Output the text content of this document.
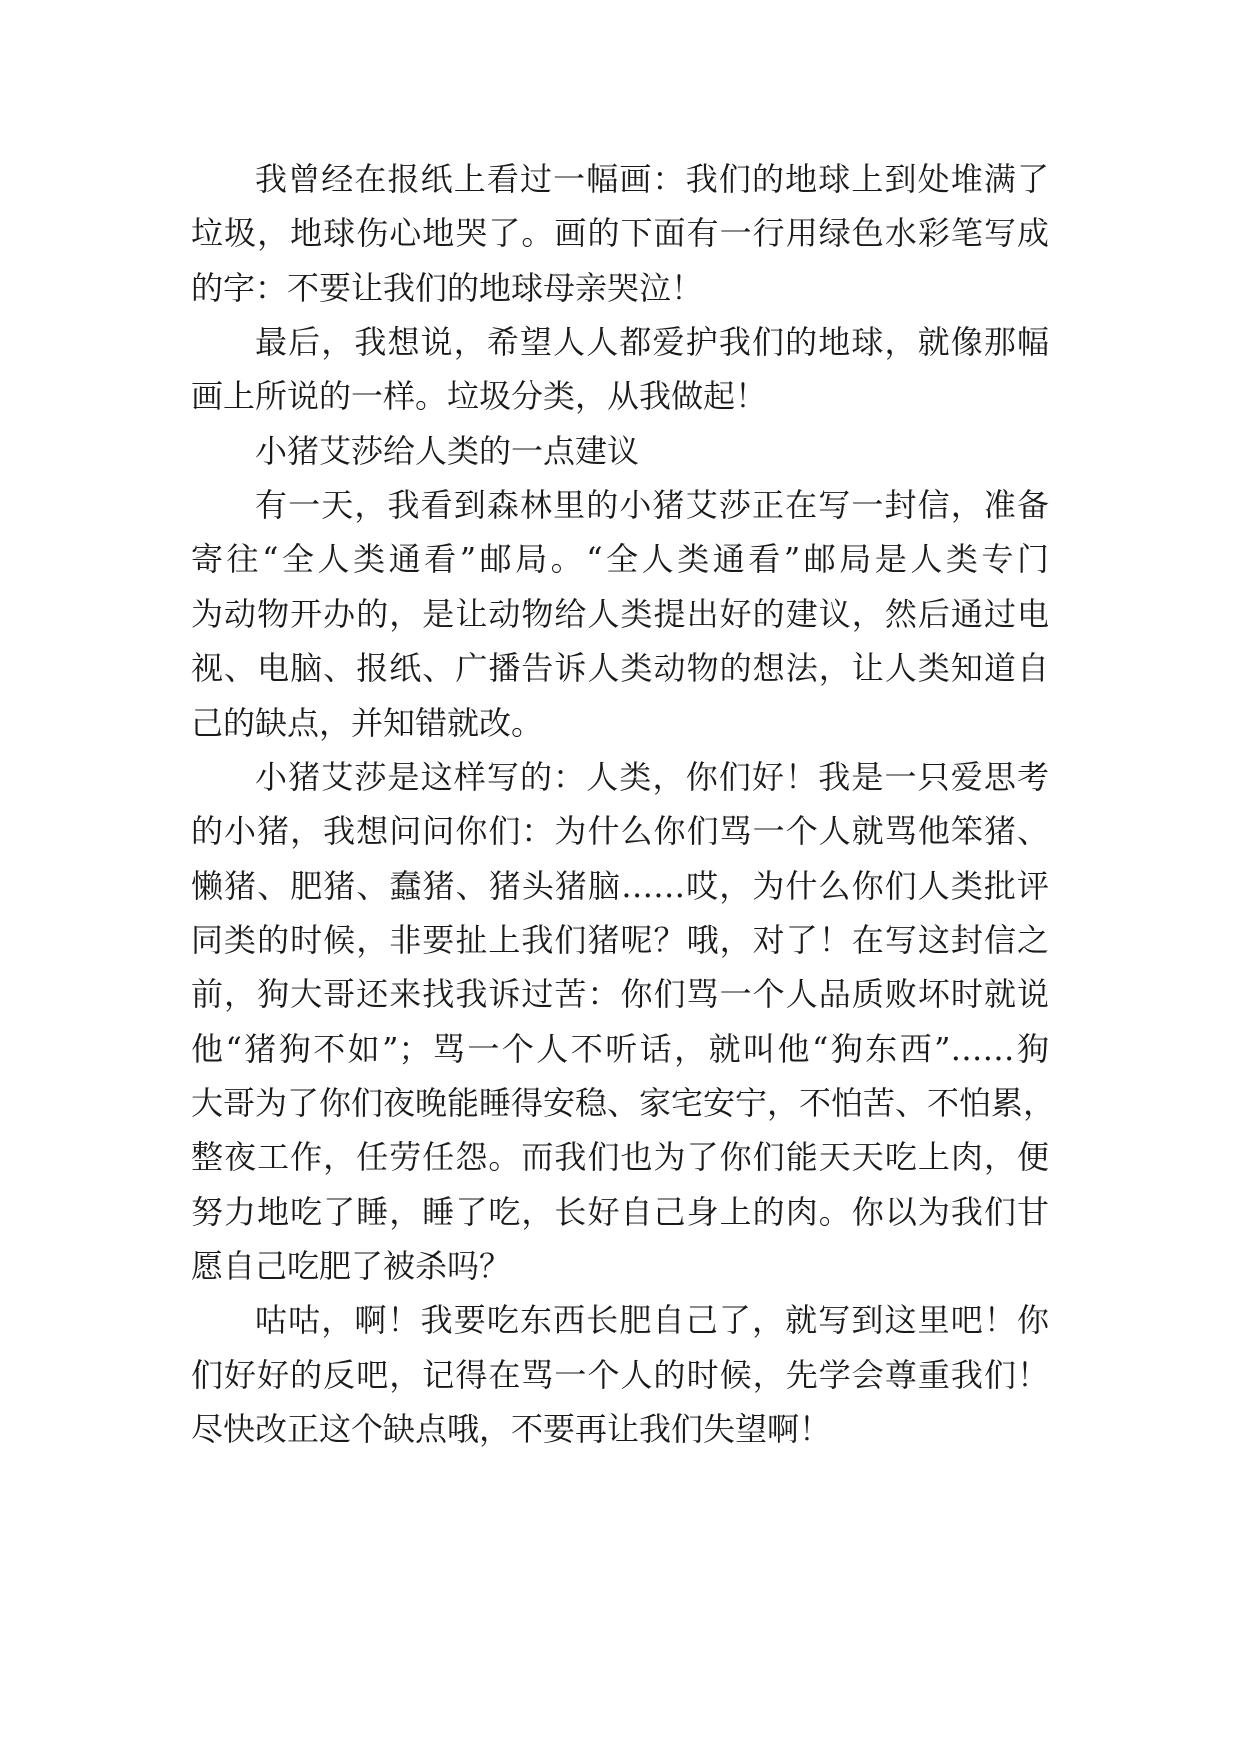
我曾经在报纸上看过一幅画：我们的地球上到处堆满了
垃圾，地球伤心地哭了。画的下面有一行用绿色水彩笔写成
的字：不要让我们的地球母亲哭泣！
最后，我想说，希望人人都爱护我们的地球，就像那幅
画上所说的一样。垃圾分类，从我做起！
小猪艾莎给人类的一点建议
有一天，我看到森林里的小猪艾莎正在写一封信，准备
寄往“全人类通看”邮局。“全人类通看”邮局是人类专门
为动物开办的，是让动物给人类提出好的建议，然后通过电
视、电脑、报纸、广播告诉人类动物的想法，让人类知道自
己的缺点，并知错就改。
小猪艾莎是这样写的：人类，你们好！我是一只爱思考
的小猪，我想问问你们：为什么你们骂一个人就骂他笨猪、
懒猪、肥猪、蠢猪、猪头猪脑……哎，为什么你们人类批评
同类的时候，非要扯上我们猪呢？哦，对了！在写这封信之
前，狗大哥还来找我诉过苦：你们骂一个人品质败坏时就说
他“猪狗不如”；骂一个人不听话，就叫他“狗东西”……狗
大哥为了你们夜晚能睡得安稳、家宅安宁，不怕苦、不怕累，
整夜工作，任劳任怨。而我们也为了你们能天天吃上肉，便
努力地吃了睡，睡了吃，长好自己身上的肉。你以为我们甘
愿自己吃肥了被杀吗？
咕咕，啊！我要吃东西长肥自己了，就写到这里吧！你
们好好的反吧，记得在骂一个人的时候，先学会尊重我们！
尽快改正这个缺点哦，不要再让我们失望啊！
